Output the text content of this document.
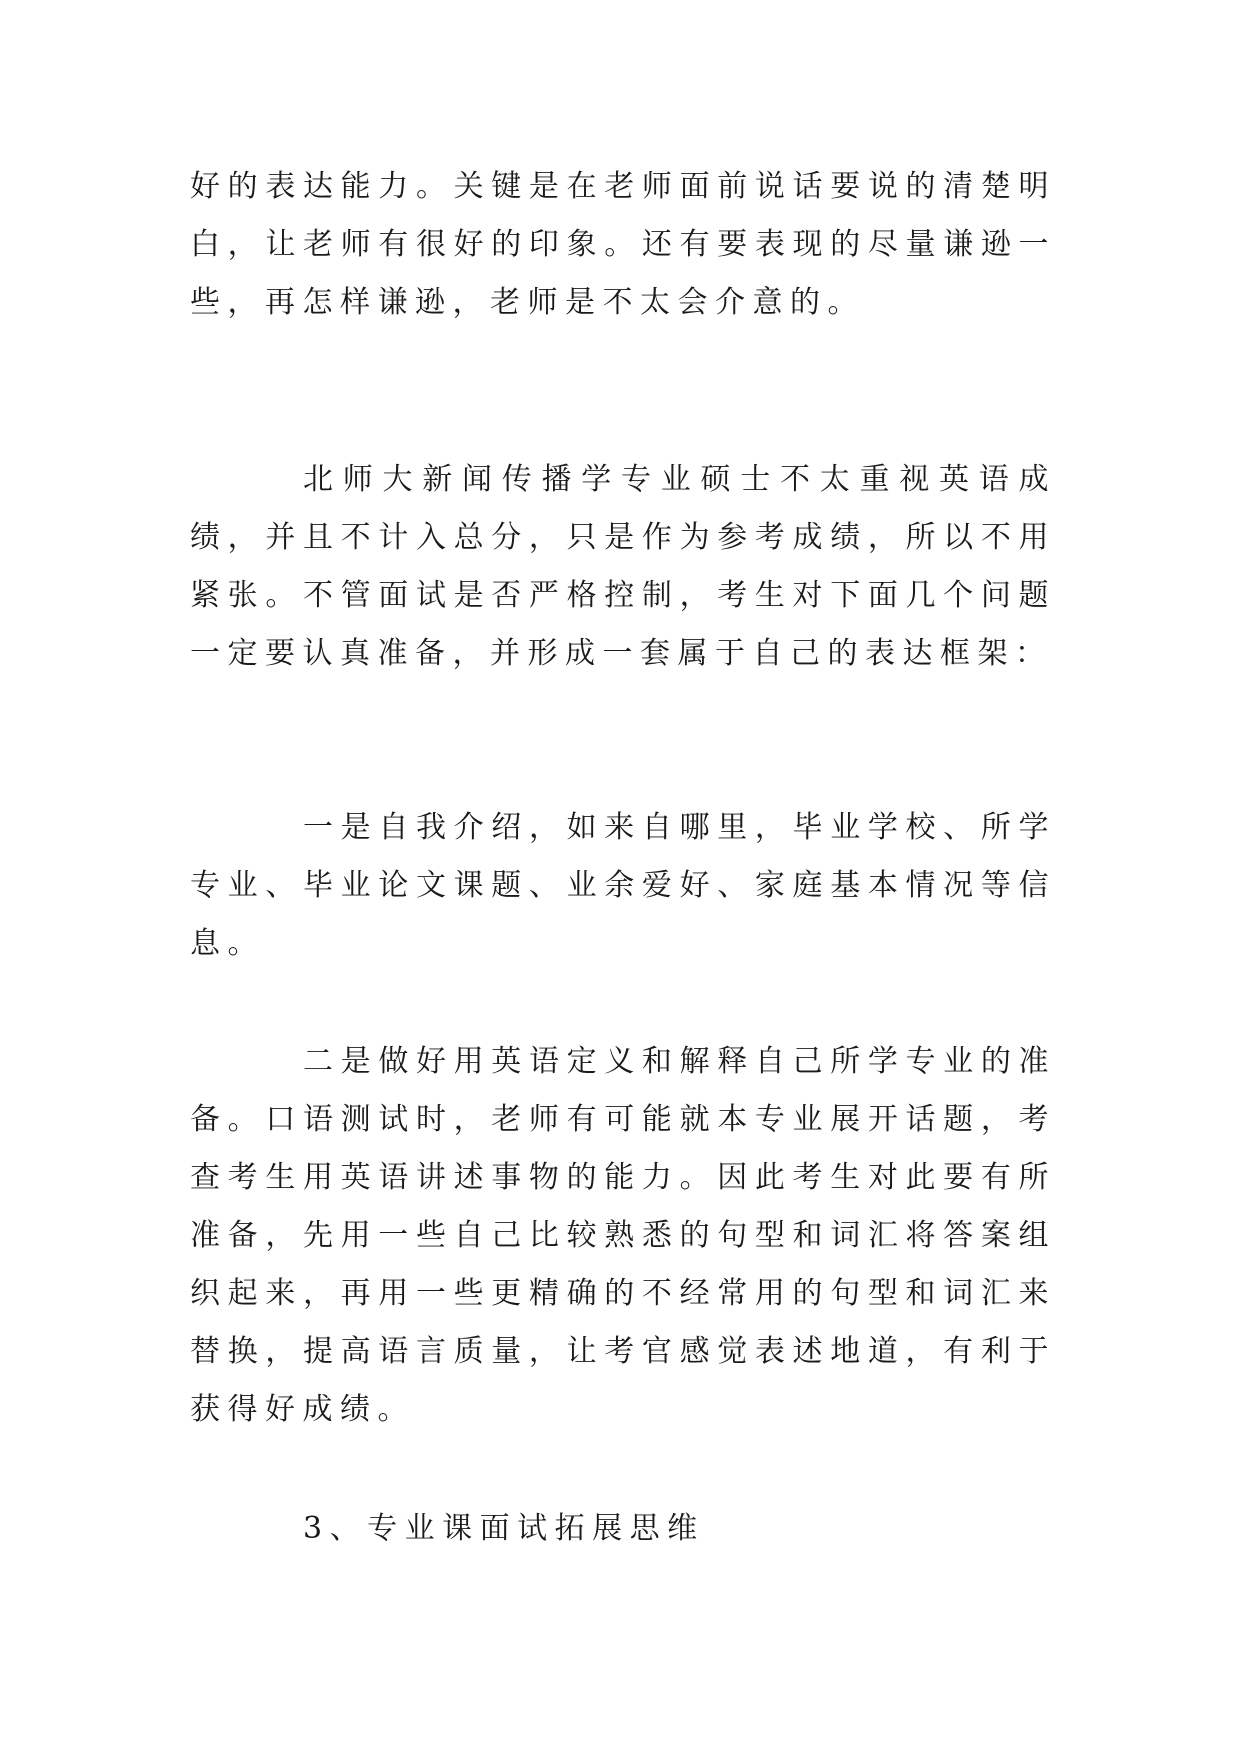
好的表达能力。关键是在老师面前说话要说的清楚明白，让老师有很好的印象。还有要表现的尽量谦逊一些，再怎样谦逊，老师是不太会介意的。

北师大新闻传播学专业硕士不太重视英语成绩，并且不计入总分，只是作为参考成绩，所以不用紧张。不管面试是否严格控制，考生对下面几个问题一定要认真准备，并形成一套属于自己的表达框架：

一是自我介绍，如来自哪里，毕业学校、所学专业、毕业论文课题、业余爱好、家庭基本情况等信息。

二是做好用英语定义和解释自己所学专业的准备。口语测试时，老师有可能就本专业展开话题，考查考生用英语讲述事物的能力。因此考生对此要有所准备，先用一些自己比较熟悉的句型和词汇将答案组织起来，再用一些更精确的不经常用的句型和词汇来替换，提高语言质量，让考官感觉表述地道，有利于获得好成绩。

3、专业课面试拓展思维
